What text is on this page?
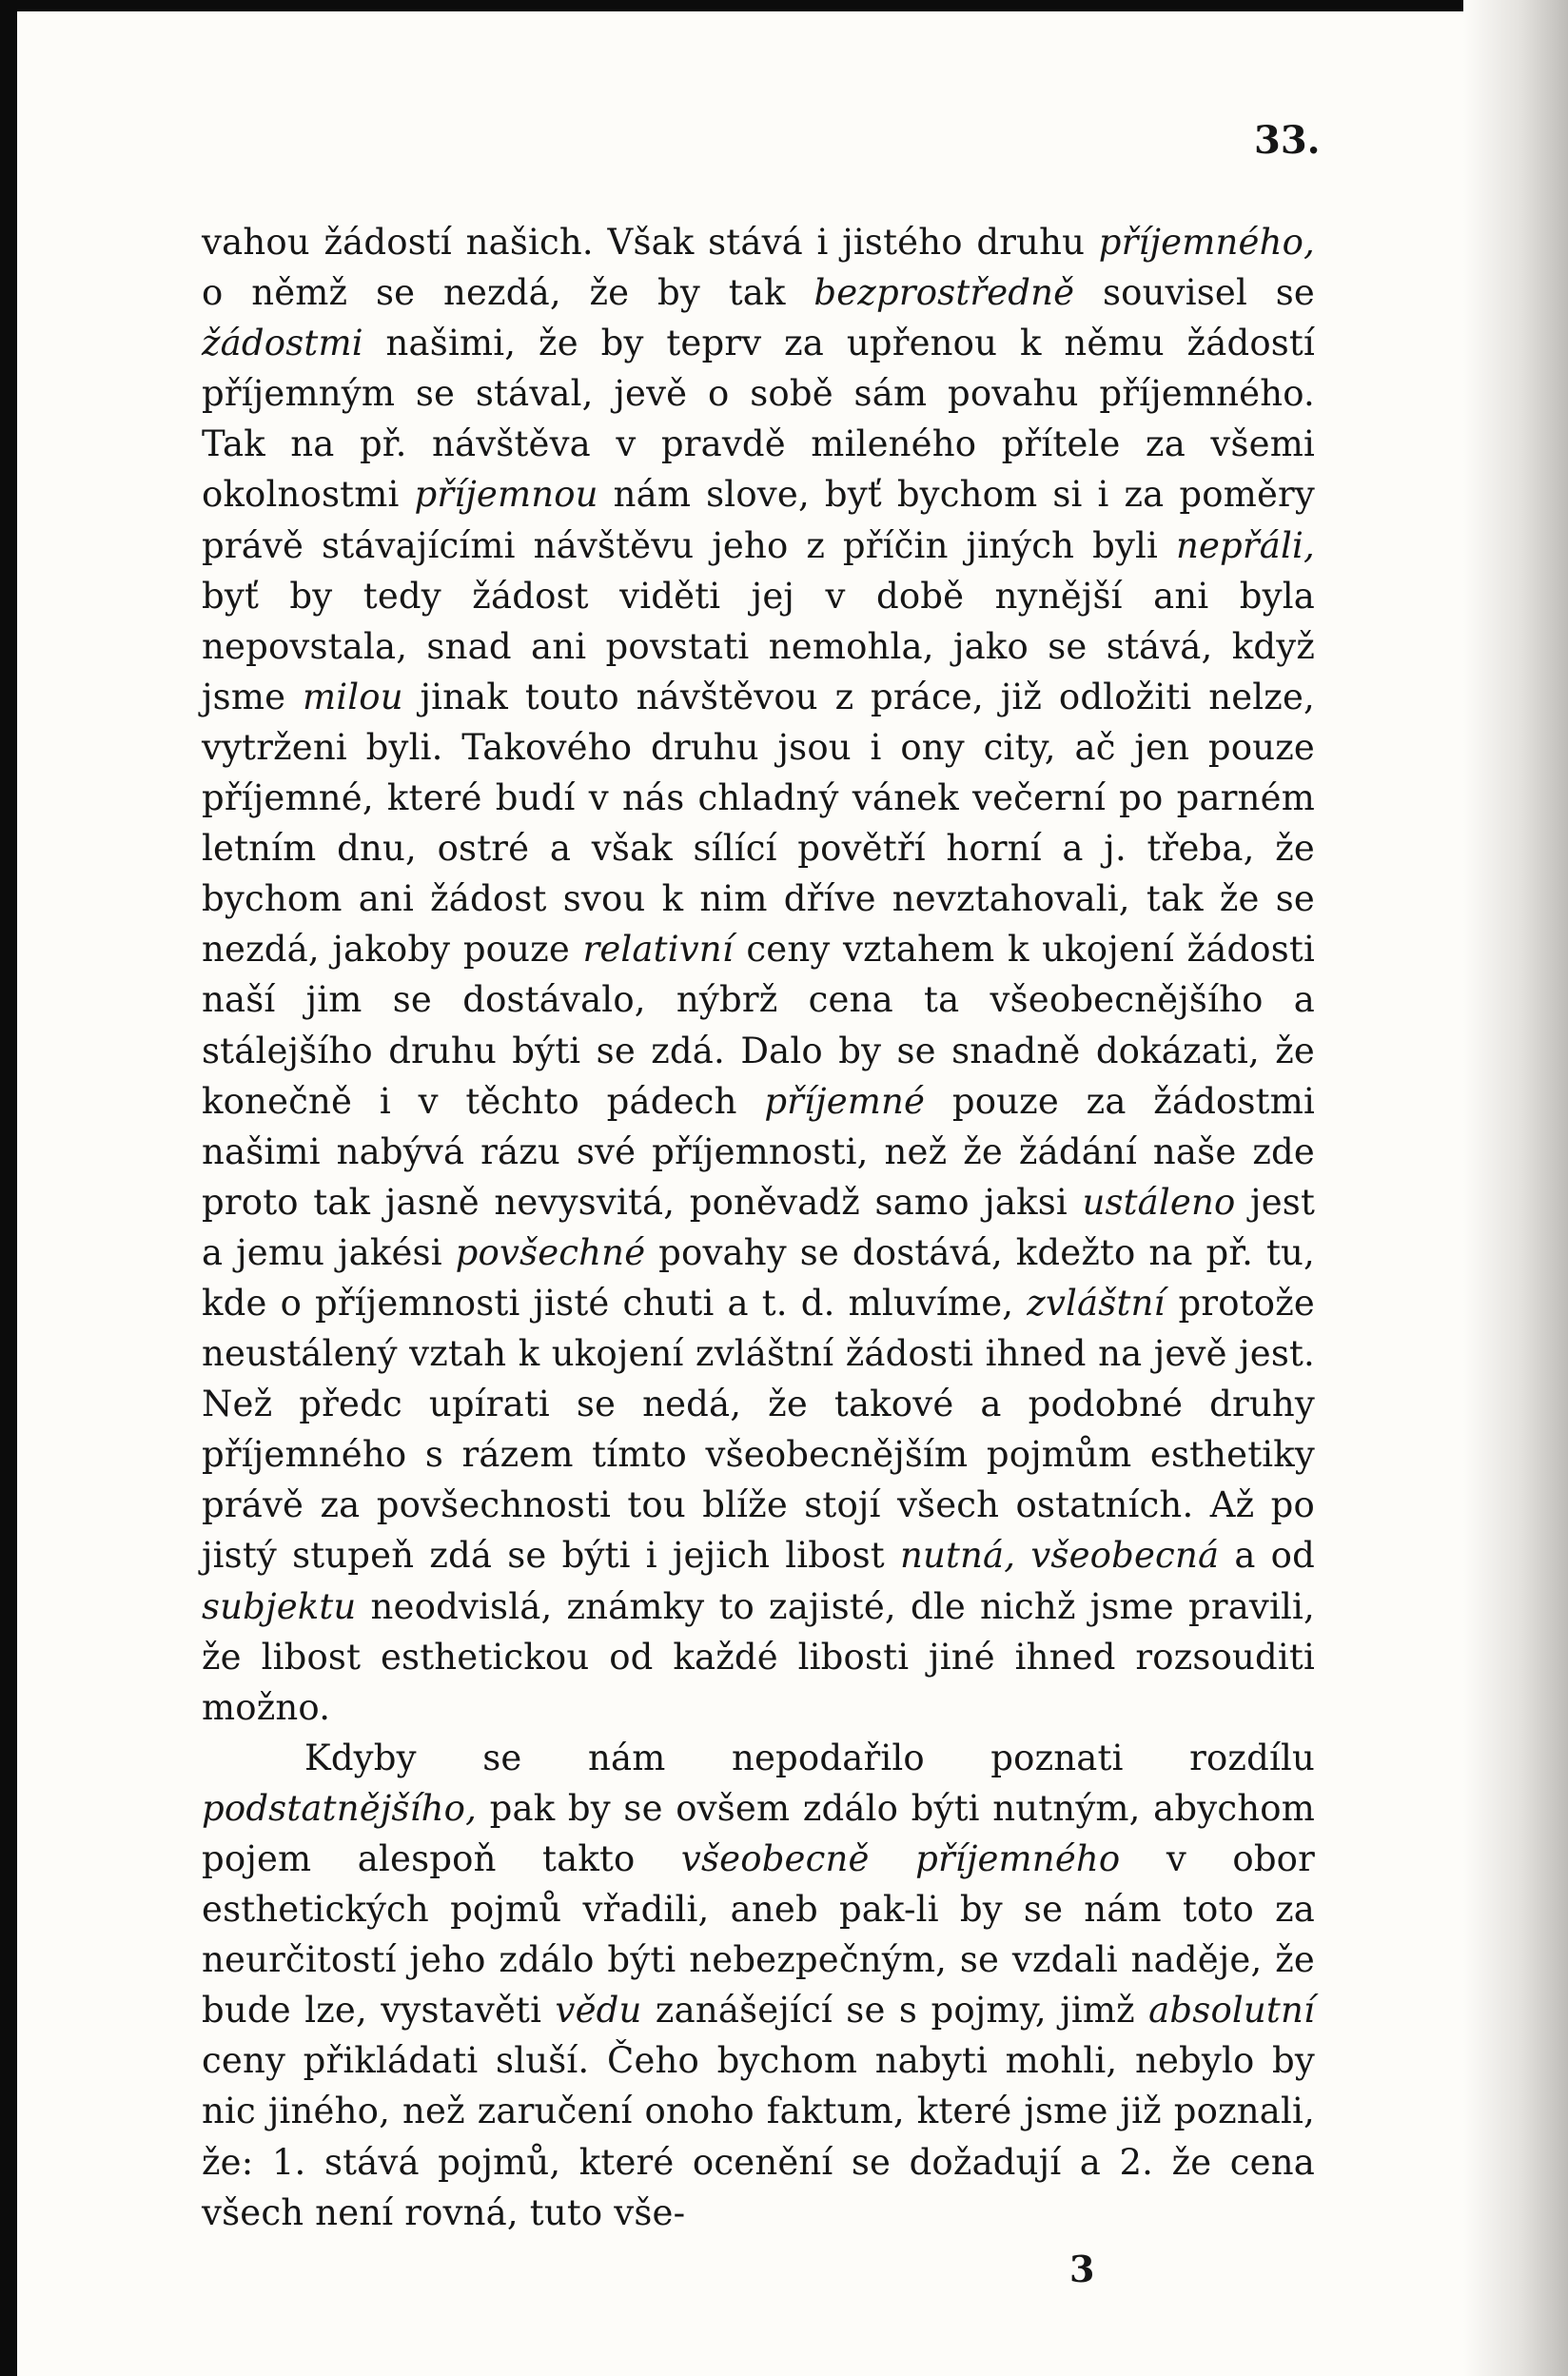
33.

vahou žádostí našich. Však stává i jistého druhu příjemného, o němž se nezdá, že by tak bezprostředně souvisel se žádostmi našimi, že by teprv za upřenou k němu žádostí příjemným se stával, jevě o sobě sám povahu příjemného. Tak na př. návštěva v pravdě mileného přítele za všemi okolnostmi příjemnou nám slove, byť bychom si i za poměry právě stávajícími návštěvu jeho z příčin jiných byli nepřáli, byť by tedy žádost viděti jej v době nynější ani byla nepovstala, snad ani povstati nemohla, jako se stává, když jsme milou jinak touto návštěvou z práce, již odložiti nelze, vytrženi byli. Takového druhu jsou i ony city, ač jen pouze příjemné, které budí v nás chladný vánek večerní po parném letním dnu, ostré a však sílící povětří horní a j. třeba, že bychom ani žádost svou k nim dříve nevztahovali, tak že se nezdá, jakoby pouze relativní ceny vztahem k ukojení žádosti naší jim se dostávalo, nýbrž cena ta všeobecnějšího a stálejšího druhu býti se zdá. Dalo by se snadně dokázati, že konečně i v těchto pádech příjemné pouze za žádostmi našimi nabývá rázu své příjemnosti, než že žádání naše zde proto tak jasně nevysvitá, poněvadž samo jaksi ustáleno jest a jemu jakési povšechné povahy se dostává, kdežto na př. tu, kde o příjemnosti jisté chuti a t. d. mluvíme, zvláštní protože neustálený vztah k ukojení zvláštní žádosti ihned na jevě jest. Než předc upírati se nedá, že takové a podobné druhy příjemného s rázem tímto všeobecnějším pojmům esthetiky právě za povšechnosti tou blíže stojí všech ostatních. Až po jistý stupeň zdá se býti i jejich libost nutná, všeobecná a od subjektu neodvislá, známky to zajisté, dle nichž jsme pravili, že libost esthetickou od každé libosti jiné ihned rozsouditi možno.

Kdyby se nám nepodařilo poznati rozdílu podstatnějšího, pak by se ovšem zdálo býti nutným, abychom pojem alespoň takto všeobecně příjemného v obor esthetických pojmů vřadili, aneb pak-li by se nám toto za neurčitostí jeho zdálo býti nebezpečným, se vzdali naděje, že bude lze, vystavěti vědu zanášející se s pojmy, jimž absolutní ceny přikládati sluší. Čeho bychom nabyti mohli, nebylo by nic jiného, než zaručení onoho faktum, které jsme již poznali, že: 1. stává pojmů, které ocenění se dožadují a 2. že cena všech není rovná, tuto vše-

3
